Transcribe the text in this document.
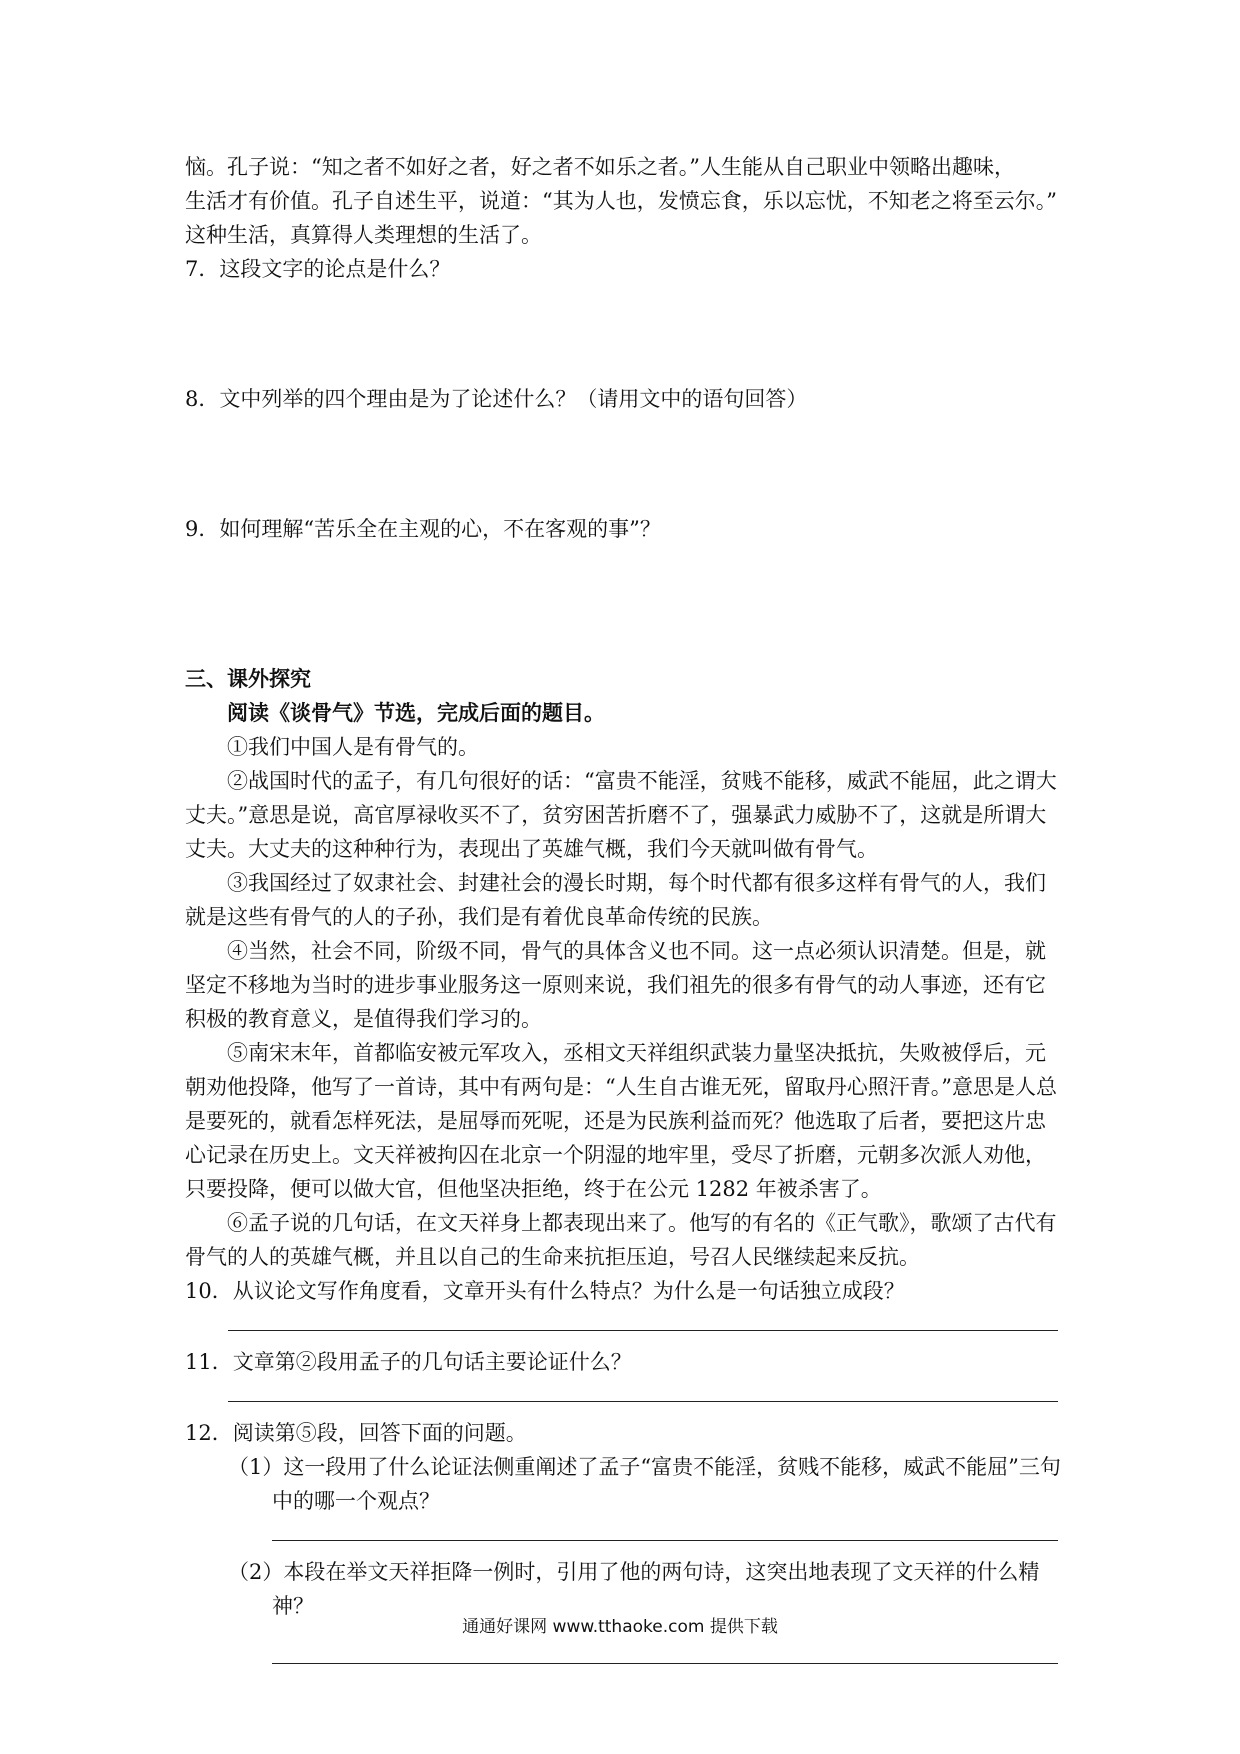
恼。孔子说：“知之者不如好之者，好之者不如乐之者。”人生能从自己职业中领略出趣味，

生活才有价值。孔子自述生平，说道：“其为人也，发愤忘食，乐以忘忧，不知老之将至云尔。”

这种生活，真算得人类理想的生活了。

7．这段文字的论点是什么？

8．文中列举的四个理由是为了论述什么？（请用文中的语句回答）

9．如何理解“苦乐全在主观的心，不在客观的事”？

三、课外探究

阅读《谈骨气》节选，完成后面的题目。

①我们中国人是有骨气的。

②战国时代的孟子，有几句很好的话：“富贵不能淫，贫贱不能移，威武不能屈，此之谓大丈夫。”意思是说，高官厚禄收买不了，贫穷困苦折磨不了，强暴武力威胁不了，这就是所谓大丈夫。大丈夫的这种种行为，表现出了英雄气概，我们今天就叫做有骨气。

③我国经过了奴隶社会、封建社会的漫长时期，每个时代都有很多这样有骨气的人，我们就是这些有骨气的人的子孙，我们是有着优良革命传统的民族。

④当然，社会不同，阶级不同，骨气的具体含义也不同。这一点必须认识清楚。但是，就坚定不移地为当时的进步事业服务这一原则来说，我们祖先的很多有骨气的动人事迹，还有它积极的教育意义，是值得我们学习的。

⑤南宋末年，首都临安被元军攻入，丞相文天祥组织武装力量坚决抵抗，失败被俘后，元朝劝他投降，他写了一首诗，其中有两句是：“人生自古谁无死，留取丹心照汗青。”意思是人总是要死的，就看怎样死法，是屈辱而死呢，还是为民族利益而死？他选取了后者，要把这片忠心记录在历史上。文天祥被拘囚在北京一个阴湿的地牢里，受尽了折磨，元朝多次派人劝他，只要投降，便可以做大官，但他坚决拒绝，终于在公元 1282 年被杀害了。

⑥孟子说的几句话，在文天祥身上都表现出来了。他写的有名的《正气歌》，歌颂了古代有骨气的人的英雄气概，并且以自己的生命来抗拒压迫，号召人民继续起来反抗。

10．从议论文写作角度看，文章开头有什么特点？为什么是一句话独立成段？

11．文章第②段用孟子的几句话主要论证什么？

12．阅读第⑤段，回答下面的问题。

（1）这一段用了什么论证法侧重阐述了孟子“富贵不能淫，贫贱不能移，威武不能屈”三句中的哪一个观点？

（2）本段在举文天祥拒降一例时，引用了他的两句诗，这突出地表现了文天祥的什么精神？

通通好课网 www.tthaoke.com 提供下载
